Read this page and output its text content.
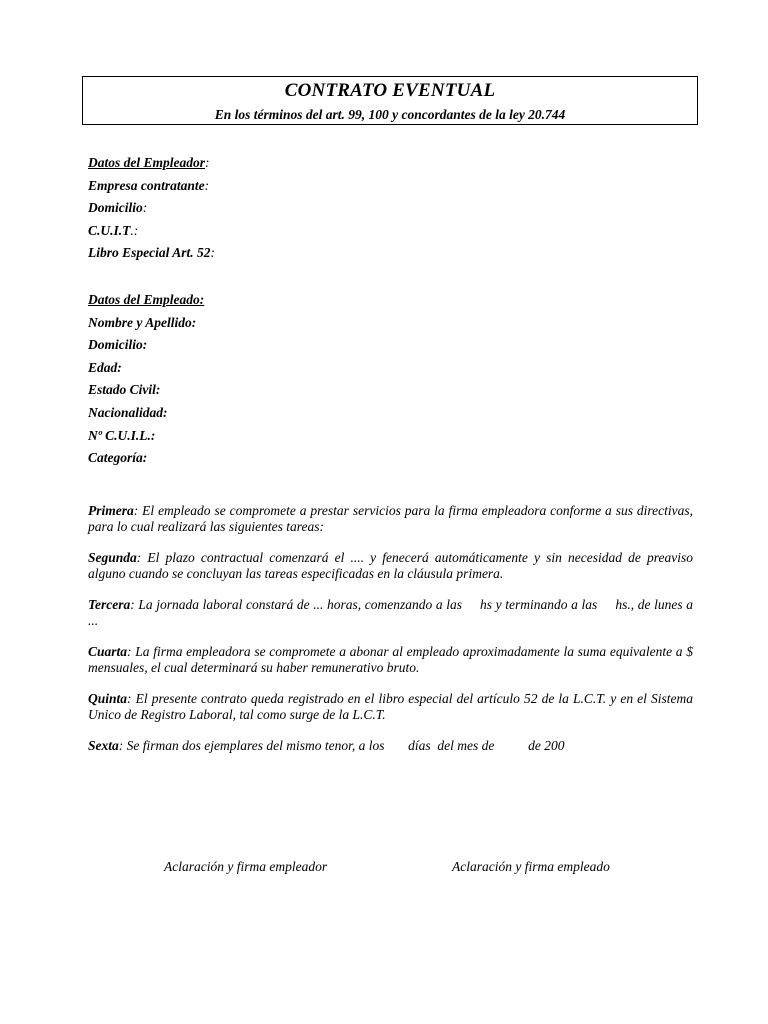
CONTRATO EVENTUAL
En los términos del art. 99, 100 y concordantes de la ley 20.744
Datos del Empleador:
Empresa contratante:
Domicilio:
C.U.I.T.:
Libro Especial Art. 52:
Datos del Empleado:
Nombre y Apellido:
Domicilio:
Edad:
Estado Civil:
Nacionalidad:
Nº C.U.I.L.:
Categoría:

Primera: El empleado se compromete a prestar servicios para la firma empleadora conforme a sus directivas, para lo cual realizará las siguientes tareas:

Segunda: El plazo contractual comenzará el .... y fenecerá automáticamente y sin necesidad de preaviso alguno cuando se concluyan las tareas especificadas en la cláusula primera.

Tercera: La jornada laboral constará de ... horas, comenzando a las     hs y terminando a las     hs., de lunes a ...

Cuarta: La firma empleadora se compromete a abonar al empleado aproximadamente la suma equivalente a $                mensuales, el cual determinará su haber remunerativo bruto.

Quinta: El presente contrato queda registrado en el libro especial del artículo 52 de la L.C.T. y en el Sistema Unico de Registro Laboral, tal como surge de la L.C.T.

Sexta: Se firman dos ejemplares del mismo tenor, a los       días  del mes de          de 200

Aclaración y firma empleador	Aclaración y firma empleado
